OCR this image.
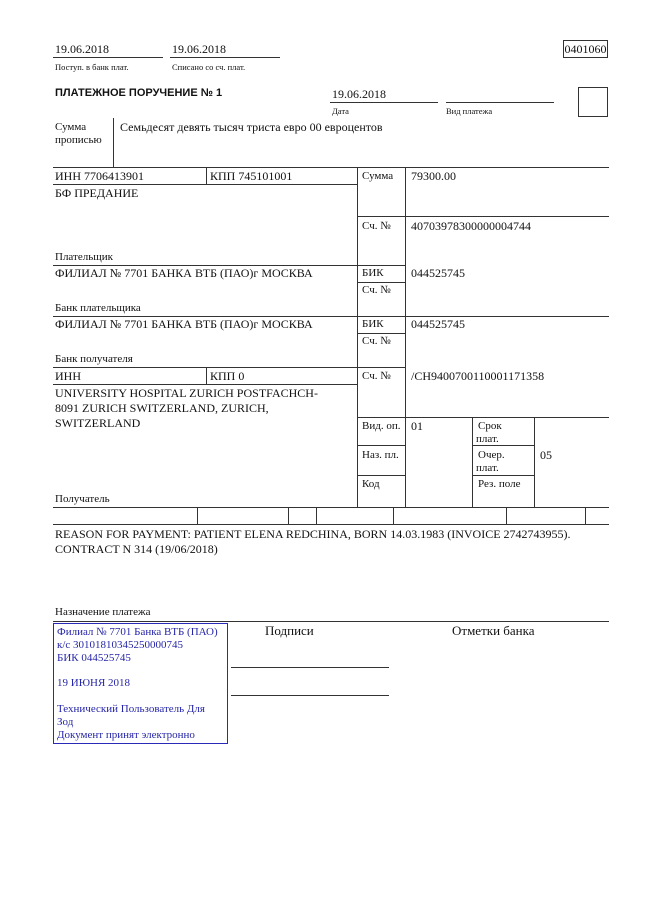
19.06.2018
Поступ. в банк плат.
19.06.2018
Списано со сч. плат.
0401060
ПЛАТЕЖНОЕ ПОРУЧЕНИЕ № 1	19.06.2018
Дата	Вид платежа
Сумма
прописью
Семьдесят девять тысяч триста евро 00 евроцентов
ИНН 7706413901	КПП 745101001
БФ ПРЕДАНИЕ
Плательщик
Сумма 79300.00
Сч. № 40703978300000004744
ФИЛИАЛ № 7701 БАНКА ВТБ (ПАО)г МОСКВА
Банк плательщика
БИК 044525745
Сч. №
ФИЛИАЛ № 7701 БАНКА ВТБ (ПАО)г МОСКВА
Банк получателя
БИК 044525745
Сч. №
ИНН	КПП 0
UNIVERSITY HOSPITAL ZURICH POSTFACHCH-
8091 ZURICH SWITZERLAND, ZURICH,
SWITZERLAND
Получатель
Сч. № /CH9400700110001171358
Вид. оп. 01
Наз. пл.
Код
Срок
плат.
Очер.
плат.
05
Рез. поле
REASON FOR PAYMENT: PATIENT ELENA REDCHINA, BORN 14.03.1983 (INVOICE 2742743955).
CONTRACT N 314 (19/06/2018)
Назначение платежа
Подписи	Отметки банка
Филиал № 7701 Банка ВТБ (ПАО)
к/с 30101810345250000745
БИК 044525745
19 ИЮНЯ 2018
Технический Пользователь Для
Зод
Документ принят электронно
